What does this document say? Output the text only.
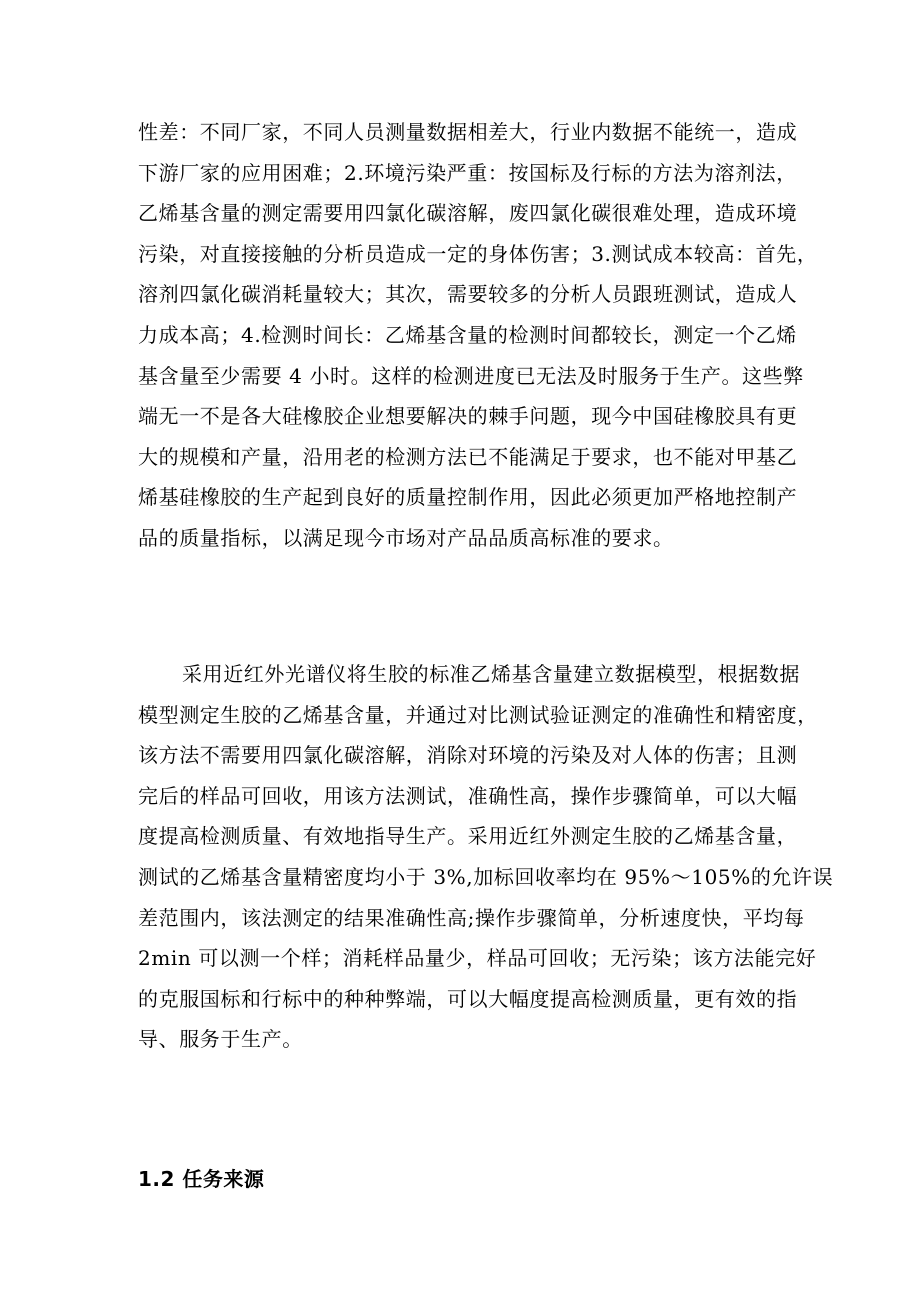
性差：不同厂家，不同人员测量数据相差大，行业内数据不能统一，造成
下游厂家的应用困难；2.环境污染严重：按国标及行标的方法为溶剂法，
乙烯基含量的测定需要用四氯化碳溶解，废四氯化碳很难处理，造成环境
污染，对直接接触的分析员造成一定的身体伤害；3.测试成本较高：首先，
溶剂四氯化碳消耗量较大；其次，需要较多的分析人员跟班测试，造成人
力成本高；4.检测时间长：乙烯基含量的检测时间都较长，测定一个乙烯
基含量至少需要 4 小时。这样的检测进度已无法及时服务于生产。这些弊
端无一不是各大硅橡胶企业想要解决的棘手问题，现今中国硅橡胶具有更
大的规模和产量，沿用老的检测方法已不能满足于要求，也不能对甲基乙
烯基硅橡胶的生产起到良好的质量控制作用，因此必须更加严格地控制产
品的质量指标，以满足现今市场对产品品质高标准的要求。
采用近红外光谱仪将生胶的标准乙烯基含量建立数据模型，根据数据
模型测定生胶的乙烯基含量，并通过对比测试验证测定的准确性和精密度，
该方法不需要用四氯化碳溶解，消除对环境的污染及对人体的伤害；且测
完后的样品可回收，用该方法测试，准确性高，操作步骤简单，可以大幅
度提高检测质量、有效地指导生产。采用近红外测定生胶的乙烯基含量，
测试的乙烯基含量精密度均小于 3%,加标回收率均在 95%～105%的允许误
差范围内，该法测定的结果准确性高;操作步骤简单，分析速度快，平均每
2min 可以测一个样；消耗样品量少，样品可回收；无污染；该方法能完好
的克服国标和行标中的种种弊端，可以大幅度提高检测质量，更有效的指
导、服务于生产。
1.2 任务来源
